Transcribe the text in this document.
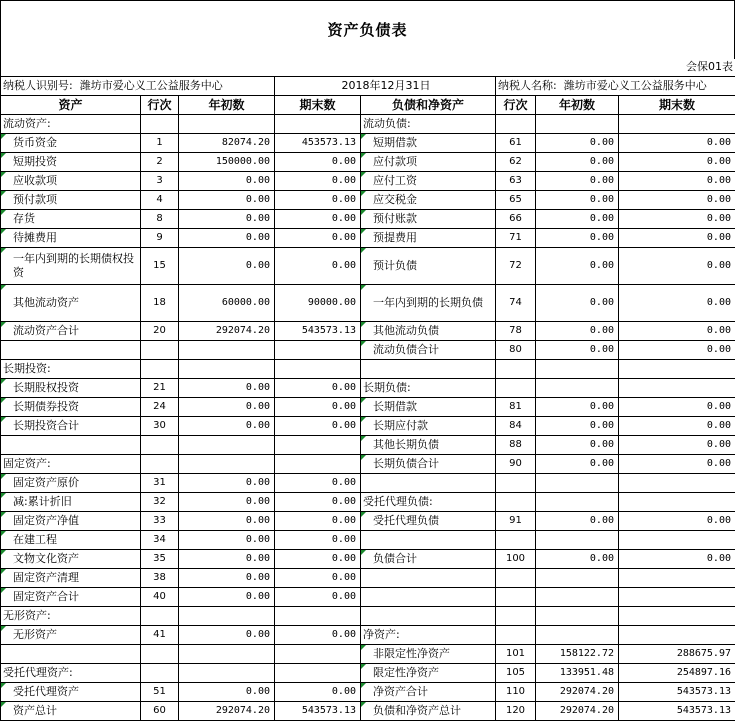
资产负债表
会保01表							
纳税人识别号: 潍坊市爱心义工公益服务中心			2018年12月31日		纳税人名称: 潍坊市爱心义工公益服务中心		
资产	行次	年初数	期末数	负债和净资产	行次	年初数	期末数
流动资产:				流动负债:			
货币资金	1	82074.20	453573.13	短期借款	61	0.00	0.00
短期投资	2	150000.00	0.00	应付款项	62	0.00	0.00
应收款项	3	0.00	0.00	应付工资	63	0.00	0.00
预付款项	4	0.00	0.00	应交税金	65	0.00	0.00
存货	8	0.00	0.00	预付账款	66	0.00	0.00
待摊费用	9	0.00	0.00	预提费用	71	0.00	0.00
一年内到期的长期债权投资	15	0.00	0.00	预计负债	72	0.00	0.00
其他流动资产	18	60000.00	90000.00	一年内到期的长期负债	74	0.00	0.00
流动资产合计	20	292074.20	543573.13	其他流动负债	78	0.00	0.00
				流动负债合计	80	0.00	0.00
长期投资:							
长期股权投资	21	0.00	0.00	长期负债:			
长期债券投资	24	0.00	0.00	长期借款	81	0.00	0.00
长期投资合计	30	0.00	0.00	长期应付款	84	0.00	0.00
				其他长期负债	88	0.00	0.00
固定资产:				长期负债合计	90	0.00	0.00
固定资产原价	31	0.00	0.00				
减:累计折旧	32	0.00	0.00	受托代理负债:			
固定资产净值	33	0.00	0.00	受托代理负债	91	0.00	0.00
在建工程	34	0.00	0.00				
文物文化资产	35	0.00	0.00	负债合计	100	0.00	0.00
固定资产清理	38	0.00	0.00				
固定资产合计	40	0.00	0.00				
无形资产:							
无形资产	41	0.00	0.00	净资产:			
				非限定性净资产	101	158122.72	288675.97
受托代理资产:				限定性净资产	105	133951.48	254897.16
受托代理资产	51	0.00	0.00	净资产合计	110	292074.20	543573.13
资产总计	60	292074.20	543573.13	负债和净资产总计	120	292074.20	543573.13
